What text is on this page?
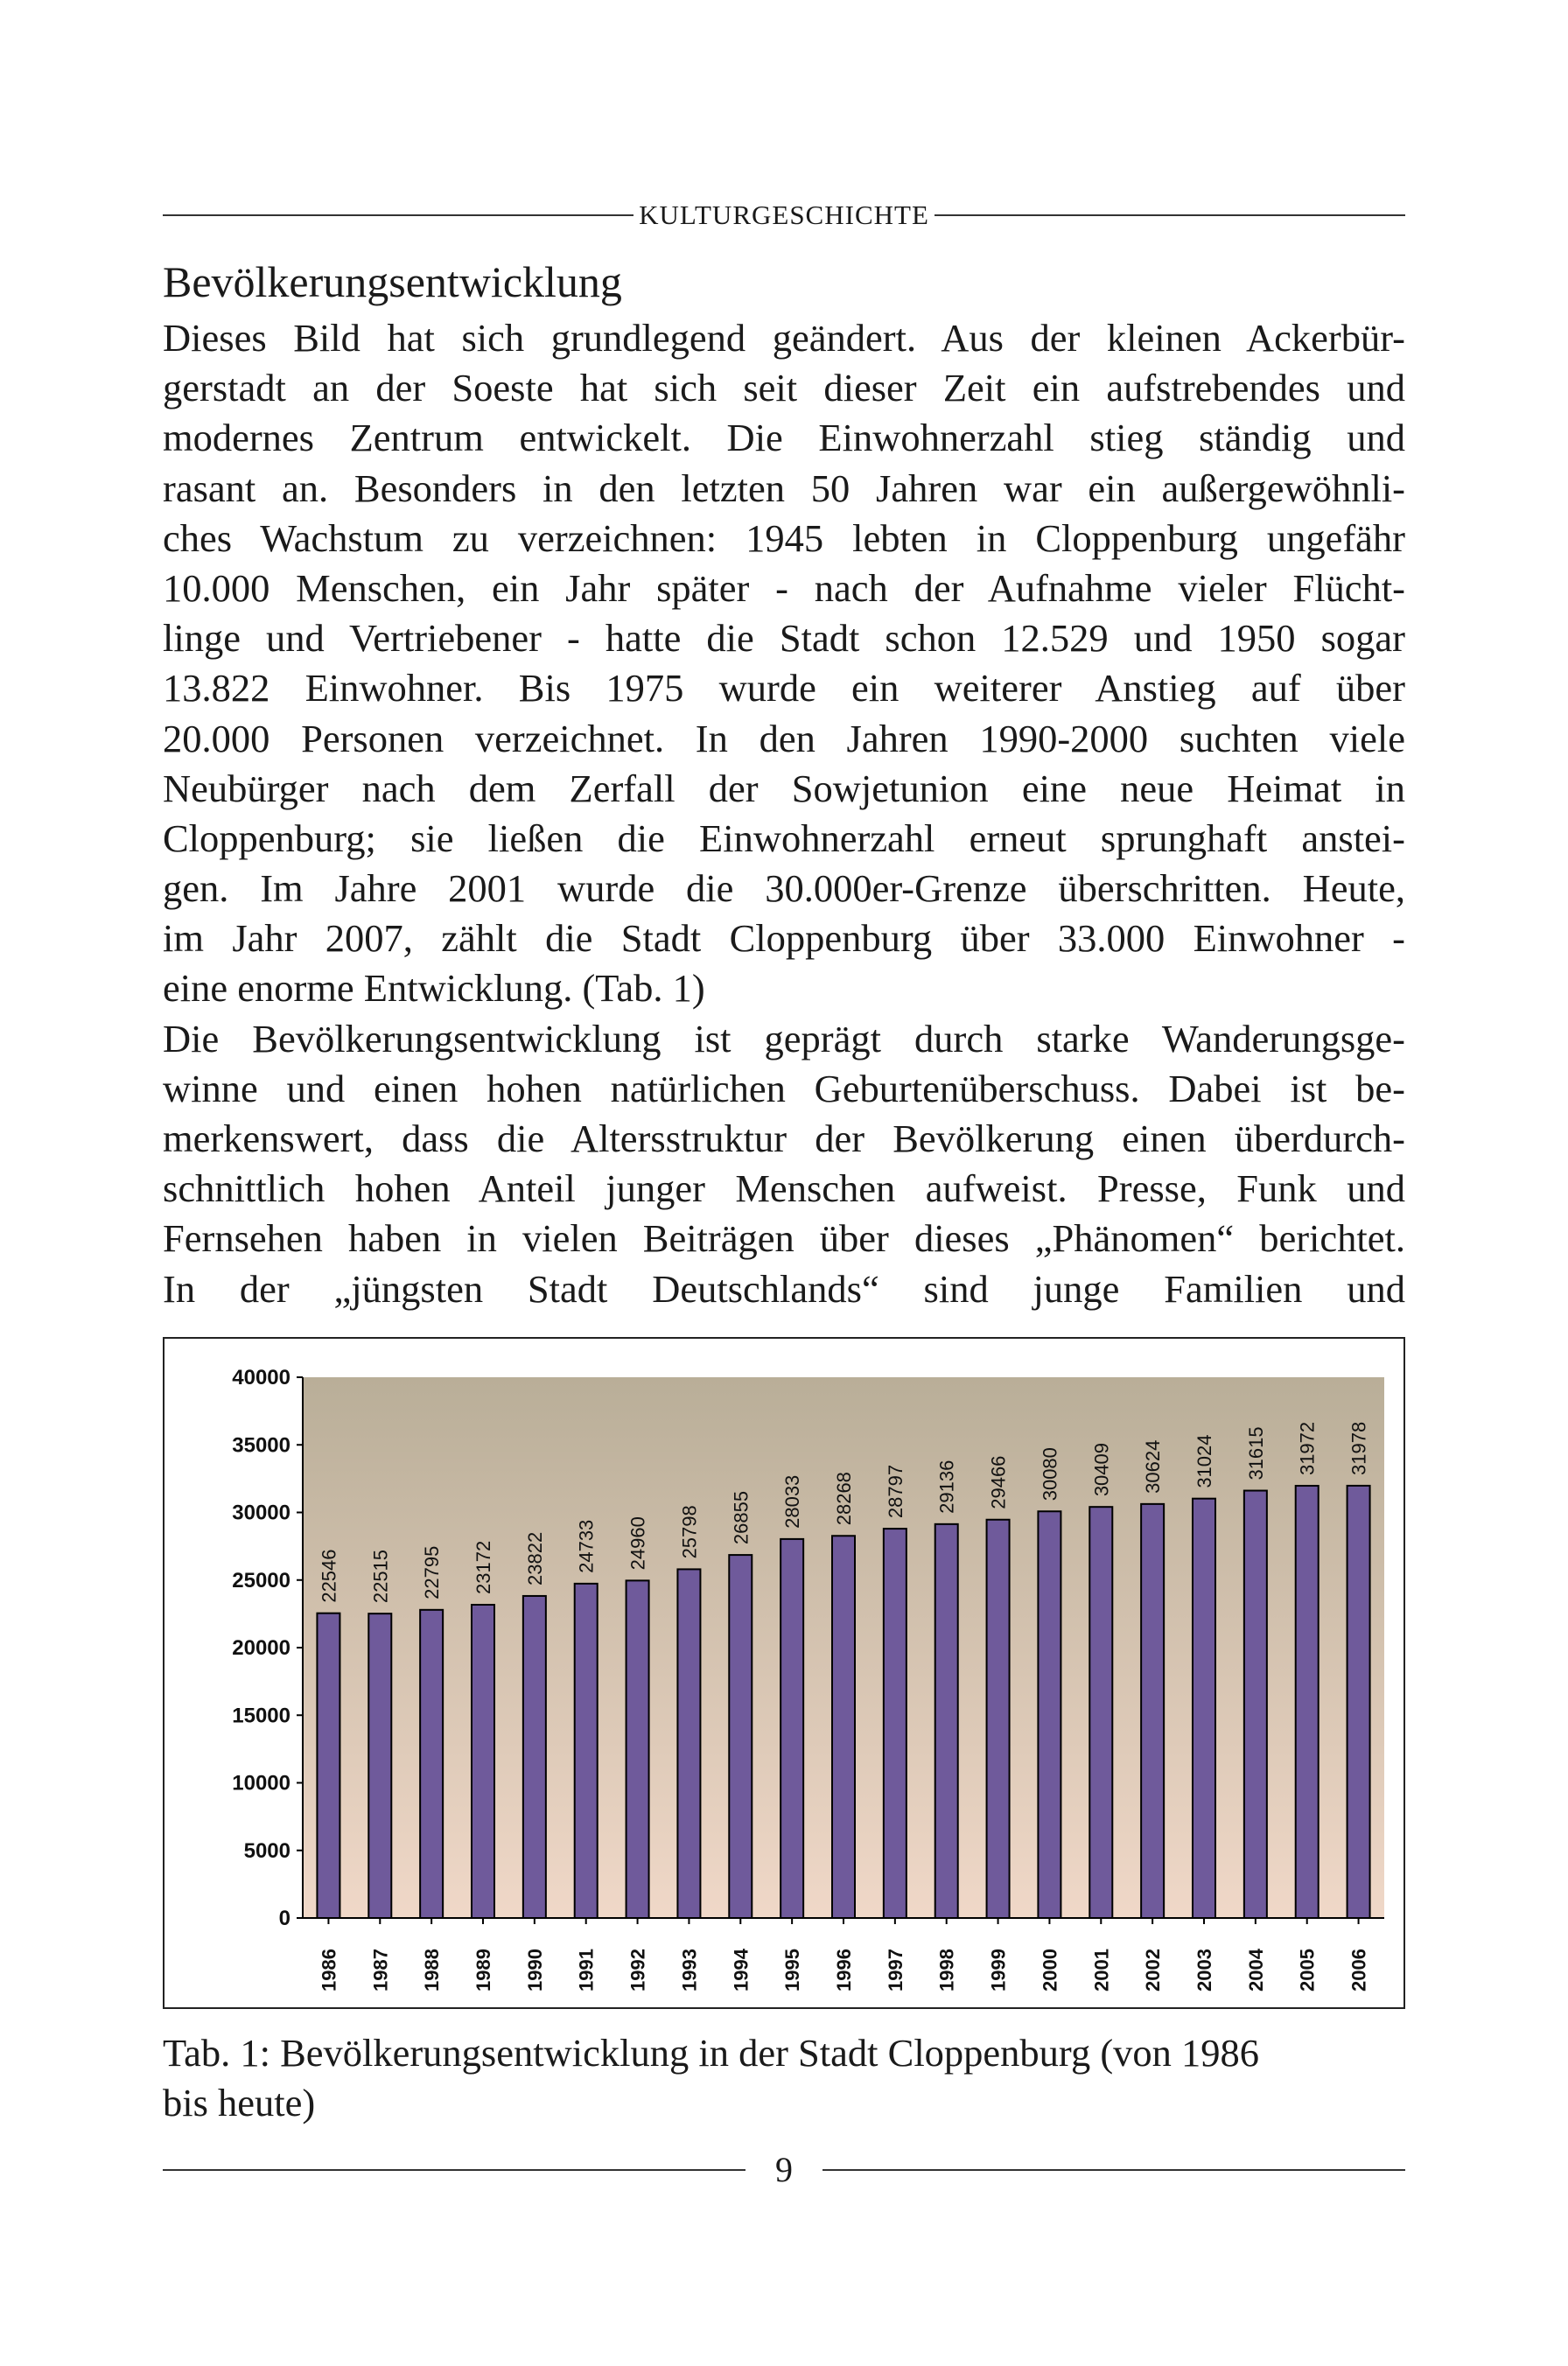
KULTURGESCHICHTE
Bevölkerungsentwicklung
Dieses Bild hat sich grundlegend geändert. Aus der kleinen Ackerbür-
gerstadt an der Soeste hat sich seit dieser Zeit ein aufstrebendes und
modernes Zentrum entwickelt. Die Einwohnerzahl stieg ständig und
rasant an. Besonders in den letzten 50 Jahren war ein außergewöhnli-
ches Wachstum zu verzeichnen: 1945 lebten in Cloppenburg ungefähr
10.000 Menschen, ein Jahr später - nach der Aufnahme vieler Flücht-
linge und Vertriebener - hatte die Stadt schon 12.529 und 1950 sogar
13.822 Einwohner. Bis 1975 wurde ein weiterer Anstieg auf über
20.000 Personen verzeichnet. In den Jahren 1990-2000 suchten viele
Neubürger nach dem Zerfall der Sowjetunion eine neue Heimat in
Cloppenburg; sie ließen die Einwohnerzahl erneut sprunghaft anstei-
gen. Im Jahre 2001 wurde die 30.000er-Grenze überschritten. Heute,
im Jahr 2007, zählt die Stadt Cloppenburg über 33.000 Einwohner -
eine enorme Entwicklung. (Tab. 1)
Die Bevölkerungsentwicklung ist geprägt durch starke Wanderungsge-
winne und einen hohen natürlichen Geburtenüberschuss. Dabei ist be-
merkenswert, dass die Altersstruktur der Bevölkerung einen überdurch-
schnittlich hohen Anteil junger Menschen aufweist. Presse, Funk und
Fernsehen haben in vielen Beiträgen über dieses „Phänomen“ berichtet.
In der „jüngsten Stadt Deutschlands“ sind junge Familien und
0
5000
10000
15000
20000
25000
30000
35000
40000
22546
1986
22515
1987
22795
1988
23172
1989
23822
1990
24733
1991
24960
1992
25798
1993
26855
1994
28033
1995
28268
1996
28797
1997
29136
1998
29466
1999
30080
2000
30409
2001
30624
2002
31024
2003
31615
2004
31972
2005
31978
2006
Tab. 1: Bevölkerungsentwicklung in der Stadt Cloppenburg (von 1986
bis heute)
9
